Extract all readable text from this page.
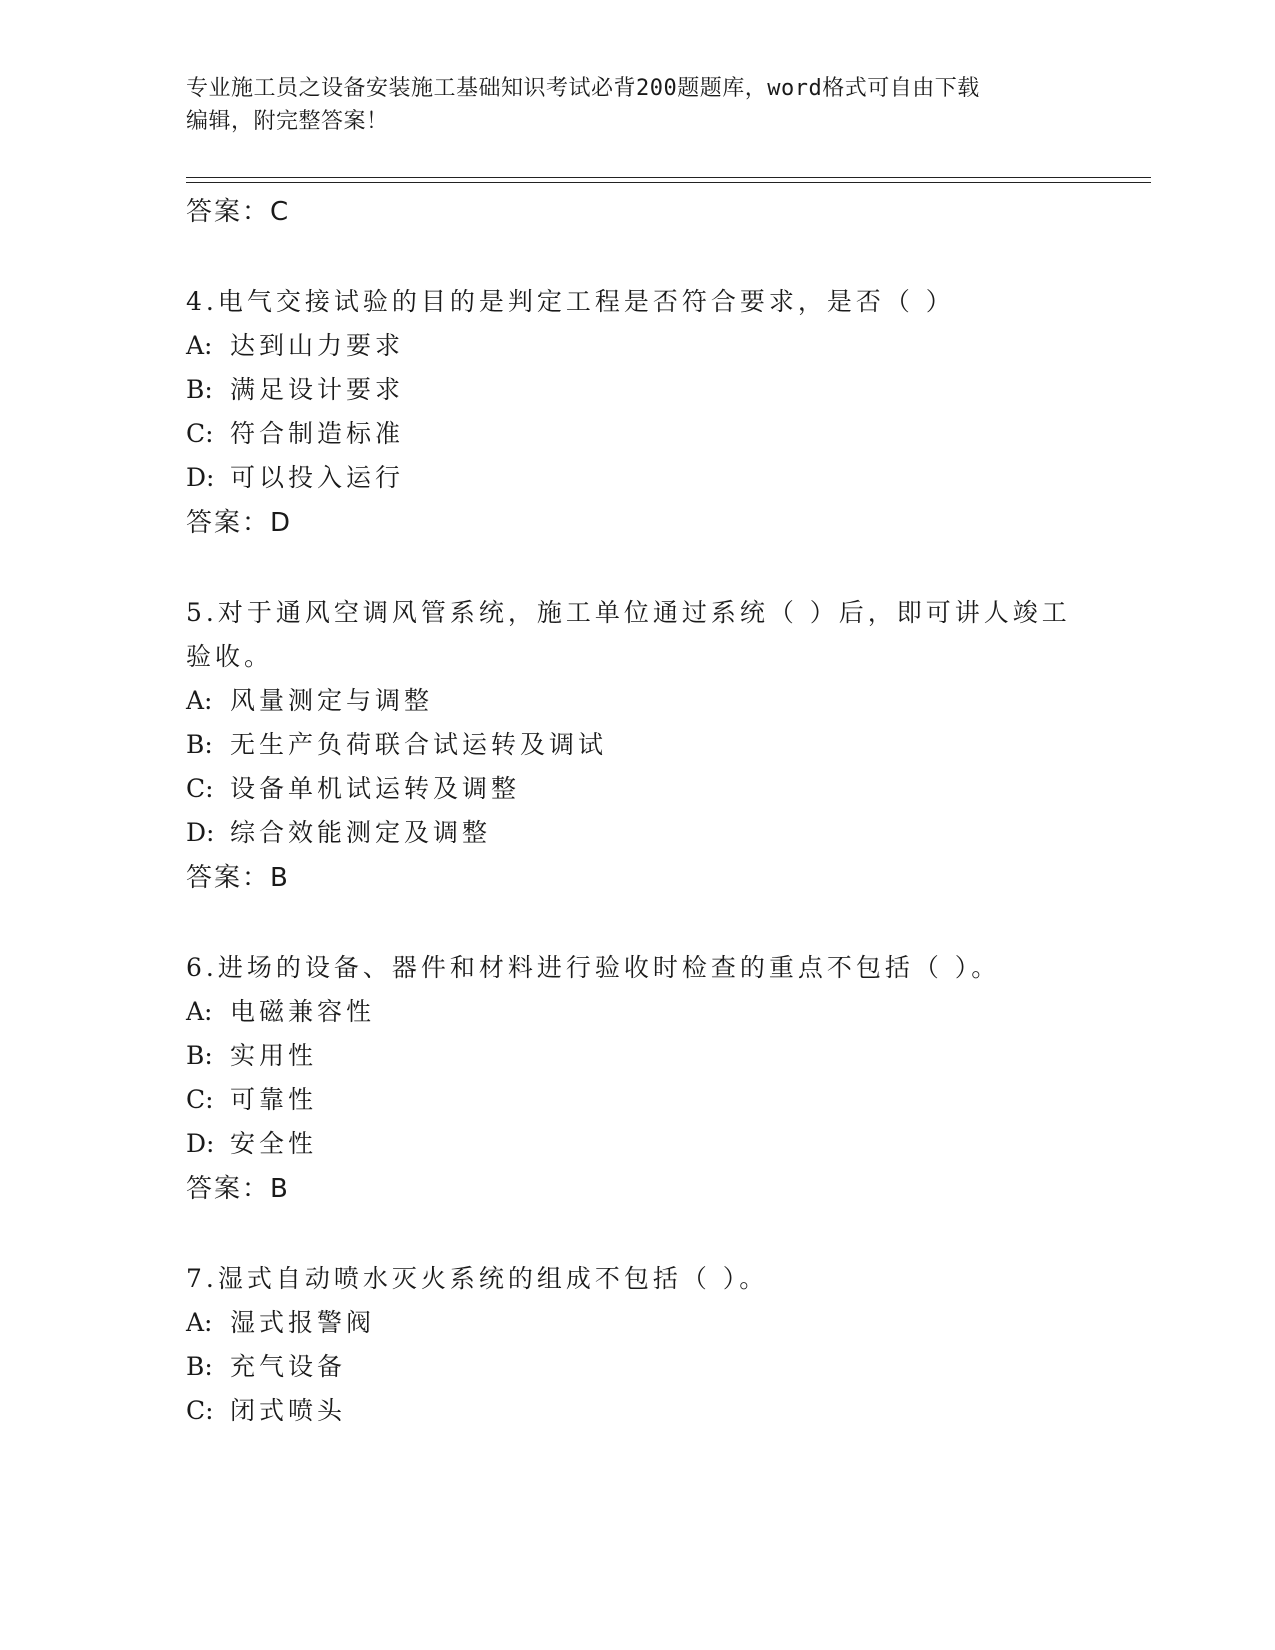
专业施工员之设备安装施工基础知识考试必背200题题库，word格式可自由下载
编辑，附完整答案！
答案：C
4.电气交接试验的目的是判定工程是否符合要求，是否（ ）
A: 达到山力要求
B: 满足设计要求
C: 符合制造标准
D: 可以投入运行
答案：D
5.对于通风空调风管系统，施工单位通过系统（ ）后，即可讲人竣工
验收。
A: 风量测定与调整
B: 无生产负荷联合试运转及调试
C: 设备单机试运转及调整
D: 综合效能测定及调整
答案：B
6.进场的设备、器件和材料进行验收时检查的重点不包括（ ）。
A: 电磁兼容性
B: 实用性
C: 可靠性
D: 安全性
答案：B
7.湿式自动喷水灭火系统的组成不包括（ ）。
A: 湿式报警阀
B: 充气设备
C: 闭式喷头
